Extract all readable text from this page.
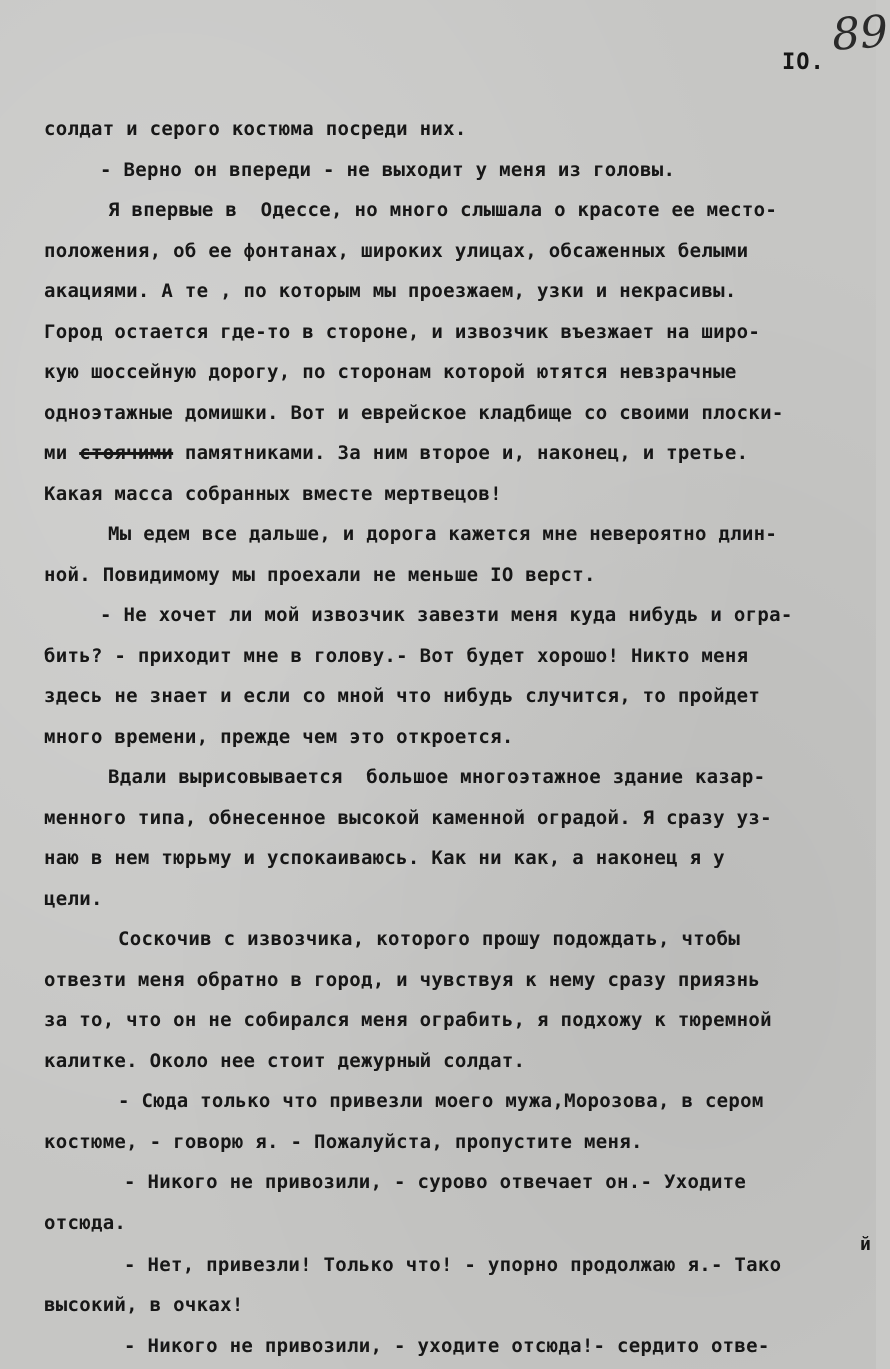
89
IO.
солдат и серого костюма посреди них.
- Верно он впереди - не выходит у меня из головы.
Я впервые в  Одессе, но много слышала о красоте ее место-
положения, об ее фонтанах, широких улицах, обсаженных белыми
акациями. А те , по которым мы проезжаем, узки и некрасивы.
Город остается где-то в стороне, и извозчик въезжает на широ-
кую шоссейную дорогу, по сторонам которой ютятся невзрачные
одноэтажные домишки. Вот и еврейское кладбище со своими плоски-
ми стоячими памятниками. За ним второе и, наконец, и третье.
Какая масса собранных вместе мертвецов!
Мы едем все дальше, и дорога кажется мне невероятно длин-
ной. Повидимому мы проехали не меньше IO верст.
- Не хочет ли мой извозчик завезти меня куда нибудь и огра-
бить? - приходит мне в голову.- Вот будет хорошо! Никто меня
здесь не знает и если со мной что нибудь случится, то пройдет
много времени, прежде чем это откроется.
Вдали вырисовывается  большое многоэтажное здание казар-
менного типа, обнесенное высокой каменной оградой. Я сразу уз-
наю в нем тюрьму и успокаиваюсь. Как ни как, а наконец я у
цели.
Соскочив с извозчика, которого прошу подождать, чтобы
отвезти меня обратно в город, и чувствуя к нему сразу приязнь
за то, что он не собирался меня ограбить, я подхожу к тюремной
калитке. Около нее стоит дежурный солдат.
- Сюда только что привезли моего мужа,Морозова, в сером
костюме, - говорю я. - Пожалуйста, пропустите меня.
- Никого не привозили, - сурово отвечает он.- Уходите
отсюда.
й
- Нет, привезли! Только что! - упорно продолжаю я.- Тако
высокий, в очках!
- Никого не привозили, - уходите отсюда!- сердито отве-
